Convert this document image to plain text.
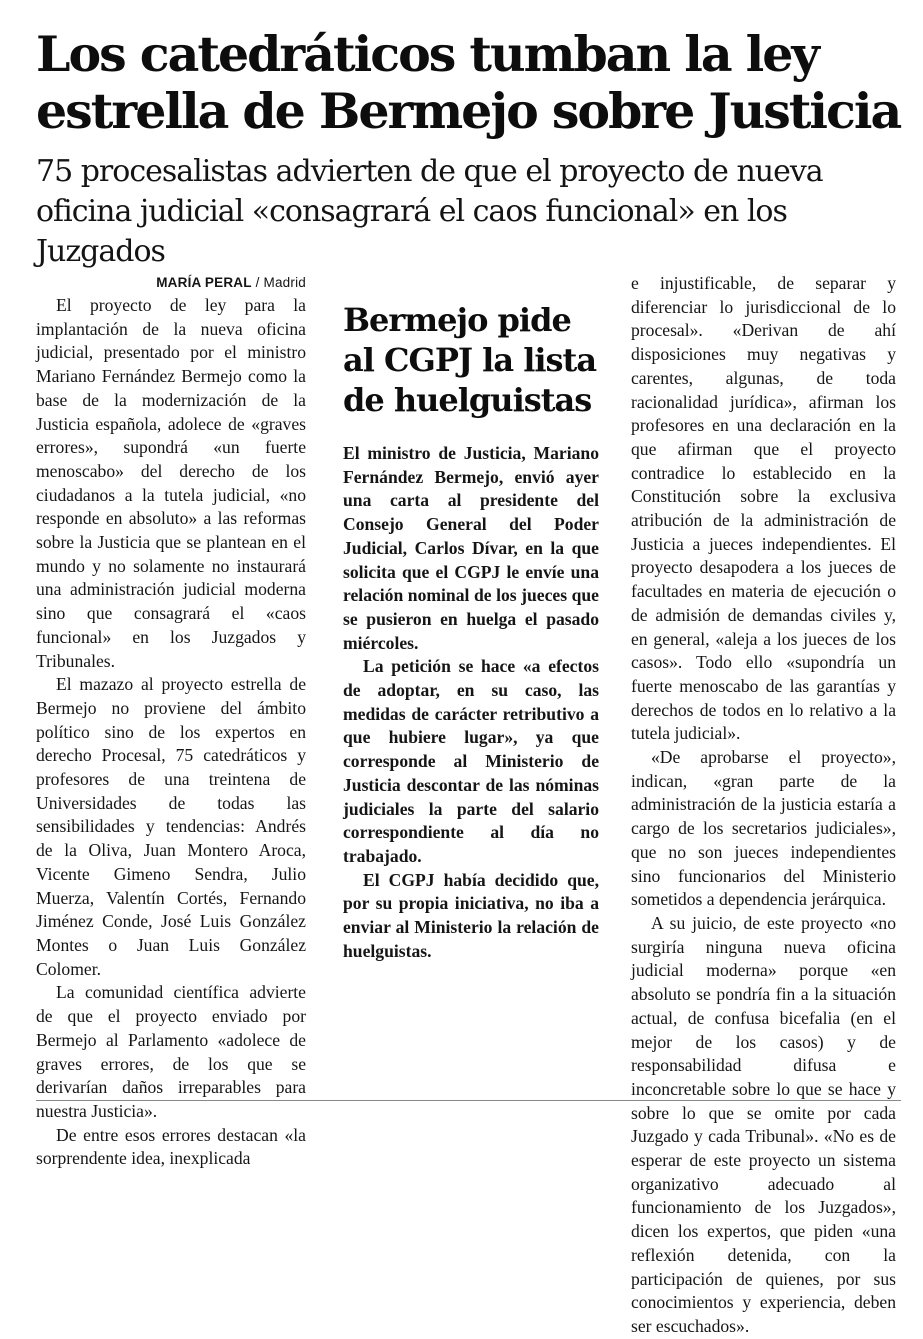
Los catedráticos tumban la ley estrella de Bermejo sobre Justicia
75 procesalistas advierten de que el proyecto de nueva oficina judicial «consagrará el caos funcional» en los Juzgados
MARÍA PERAL / Madrid

El proyecto de ley para la implantación de la nueva oficina judicial, presentado por el ministro Mariano Fernández Bermejo como la base de la modernización de la Justicia española, adolece de «graves errores», supondrá «un fuerte menoscabo» del derecho de los ciudadanos a la tutela judicial, «no responde en absoluto» a las reformas sobre la Justicia que se plantean en el mundo y no solamente no instaurará una administración judicial moderna sino que consagrará el «caos funcional» en los Juzgados y Tribunales.

El mazazo al proyecto estrella de Bermejo no proviene del ámbito político sino de los expertos en derecho Procesal, 75 catedráticos y profesores de una treintena de Universidades de todas las sensibilidades y tendencias: Andrés de la Oliva, Juan Montero Aroca, Vicente Gimeno Sendra, Julio Muerza, Valentín Cortés, Fernando Jiménez Conde, José Luis González Montes o Juan Luis González Colomer.

La comunidad científica advierte de que el proyecto enviado por Bermejo al Parlamento «adolece de graves errores, de los que se derivarían daños irreparables para nuestra Justicia».

De entre esos errores destacan «la sorprendente idea, inexplicada

Bermejo pide al CGPJ la lista de huelguistas

El ministro de Justicia, Mariano Fernández Bermejo, envió ayer una carta al presidente del Consejo General del Poder Judicial, Carlos Dívar, en la que solicita que el CGPJ le envíe una relación nominal de los jueces que se pusieron en huelga el pasado miércoles.

La petición se hace «a efectos de adoptar, en su caso, las medidas de carácter retributivo a que hubiere lugar», ya que corresponde al Ministerio de Justicia descontar de las nóminas judiciales la parte del salario correspondiente al día no trabajado.

El CGPJ había decidido que, por su propia iniciativa, no iba a enviar al Ministerio la relación de huelguistas.

e injustificable, de separar y diferenciar lo jurisdiccional de lo procesal». «Derivan de ahí disposiciones muy negativas y carentes, algunas, de toda racionalidad jurídica», afirman los profesores en una declaración en la que afirman que el proyecto contradice lo establecido en la Constitución sobre la exclusiva atribución de la administración de Justicia a jueces independientes. El proyecto desapodera a los jueces de facultades en materia de ejecución o de admisión de demandas civiles y, en general, «aleja a los jueces de los casos». Todo ello «supondría un fuerte menoscabo de las garantías y derechos de todos en lo relativo a la tutela judicial».

«De aprobarse el proyecto», indican, «gran parte de la administración de la justicia estaría a cargo de los secretarios judiciales», que no son jueces independientes sino funcionarios del Ministerio sometidos a dependencia jerárquica.

A su juicio, de este proyecto «no surgiría ninguna nueva oficina judicial moderna» porque «en absoluto se pondría fin a la situación actual, de confusa bicefalia (en el mejor de los casos) y de responsabilidad difusa e inconcretable sobre lo que se hace y sobre lo que se omite por cada Juzgado y cada Tribunal». «No es de esperar de este proyecto un sistema organizativo adecuado al funcionamiento de los Juzgados», dicen los expertos, que piden «una reflexión detenida, con la participación de quienes, por sus conocimientos y experiencia, deben ser escuchados».
